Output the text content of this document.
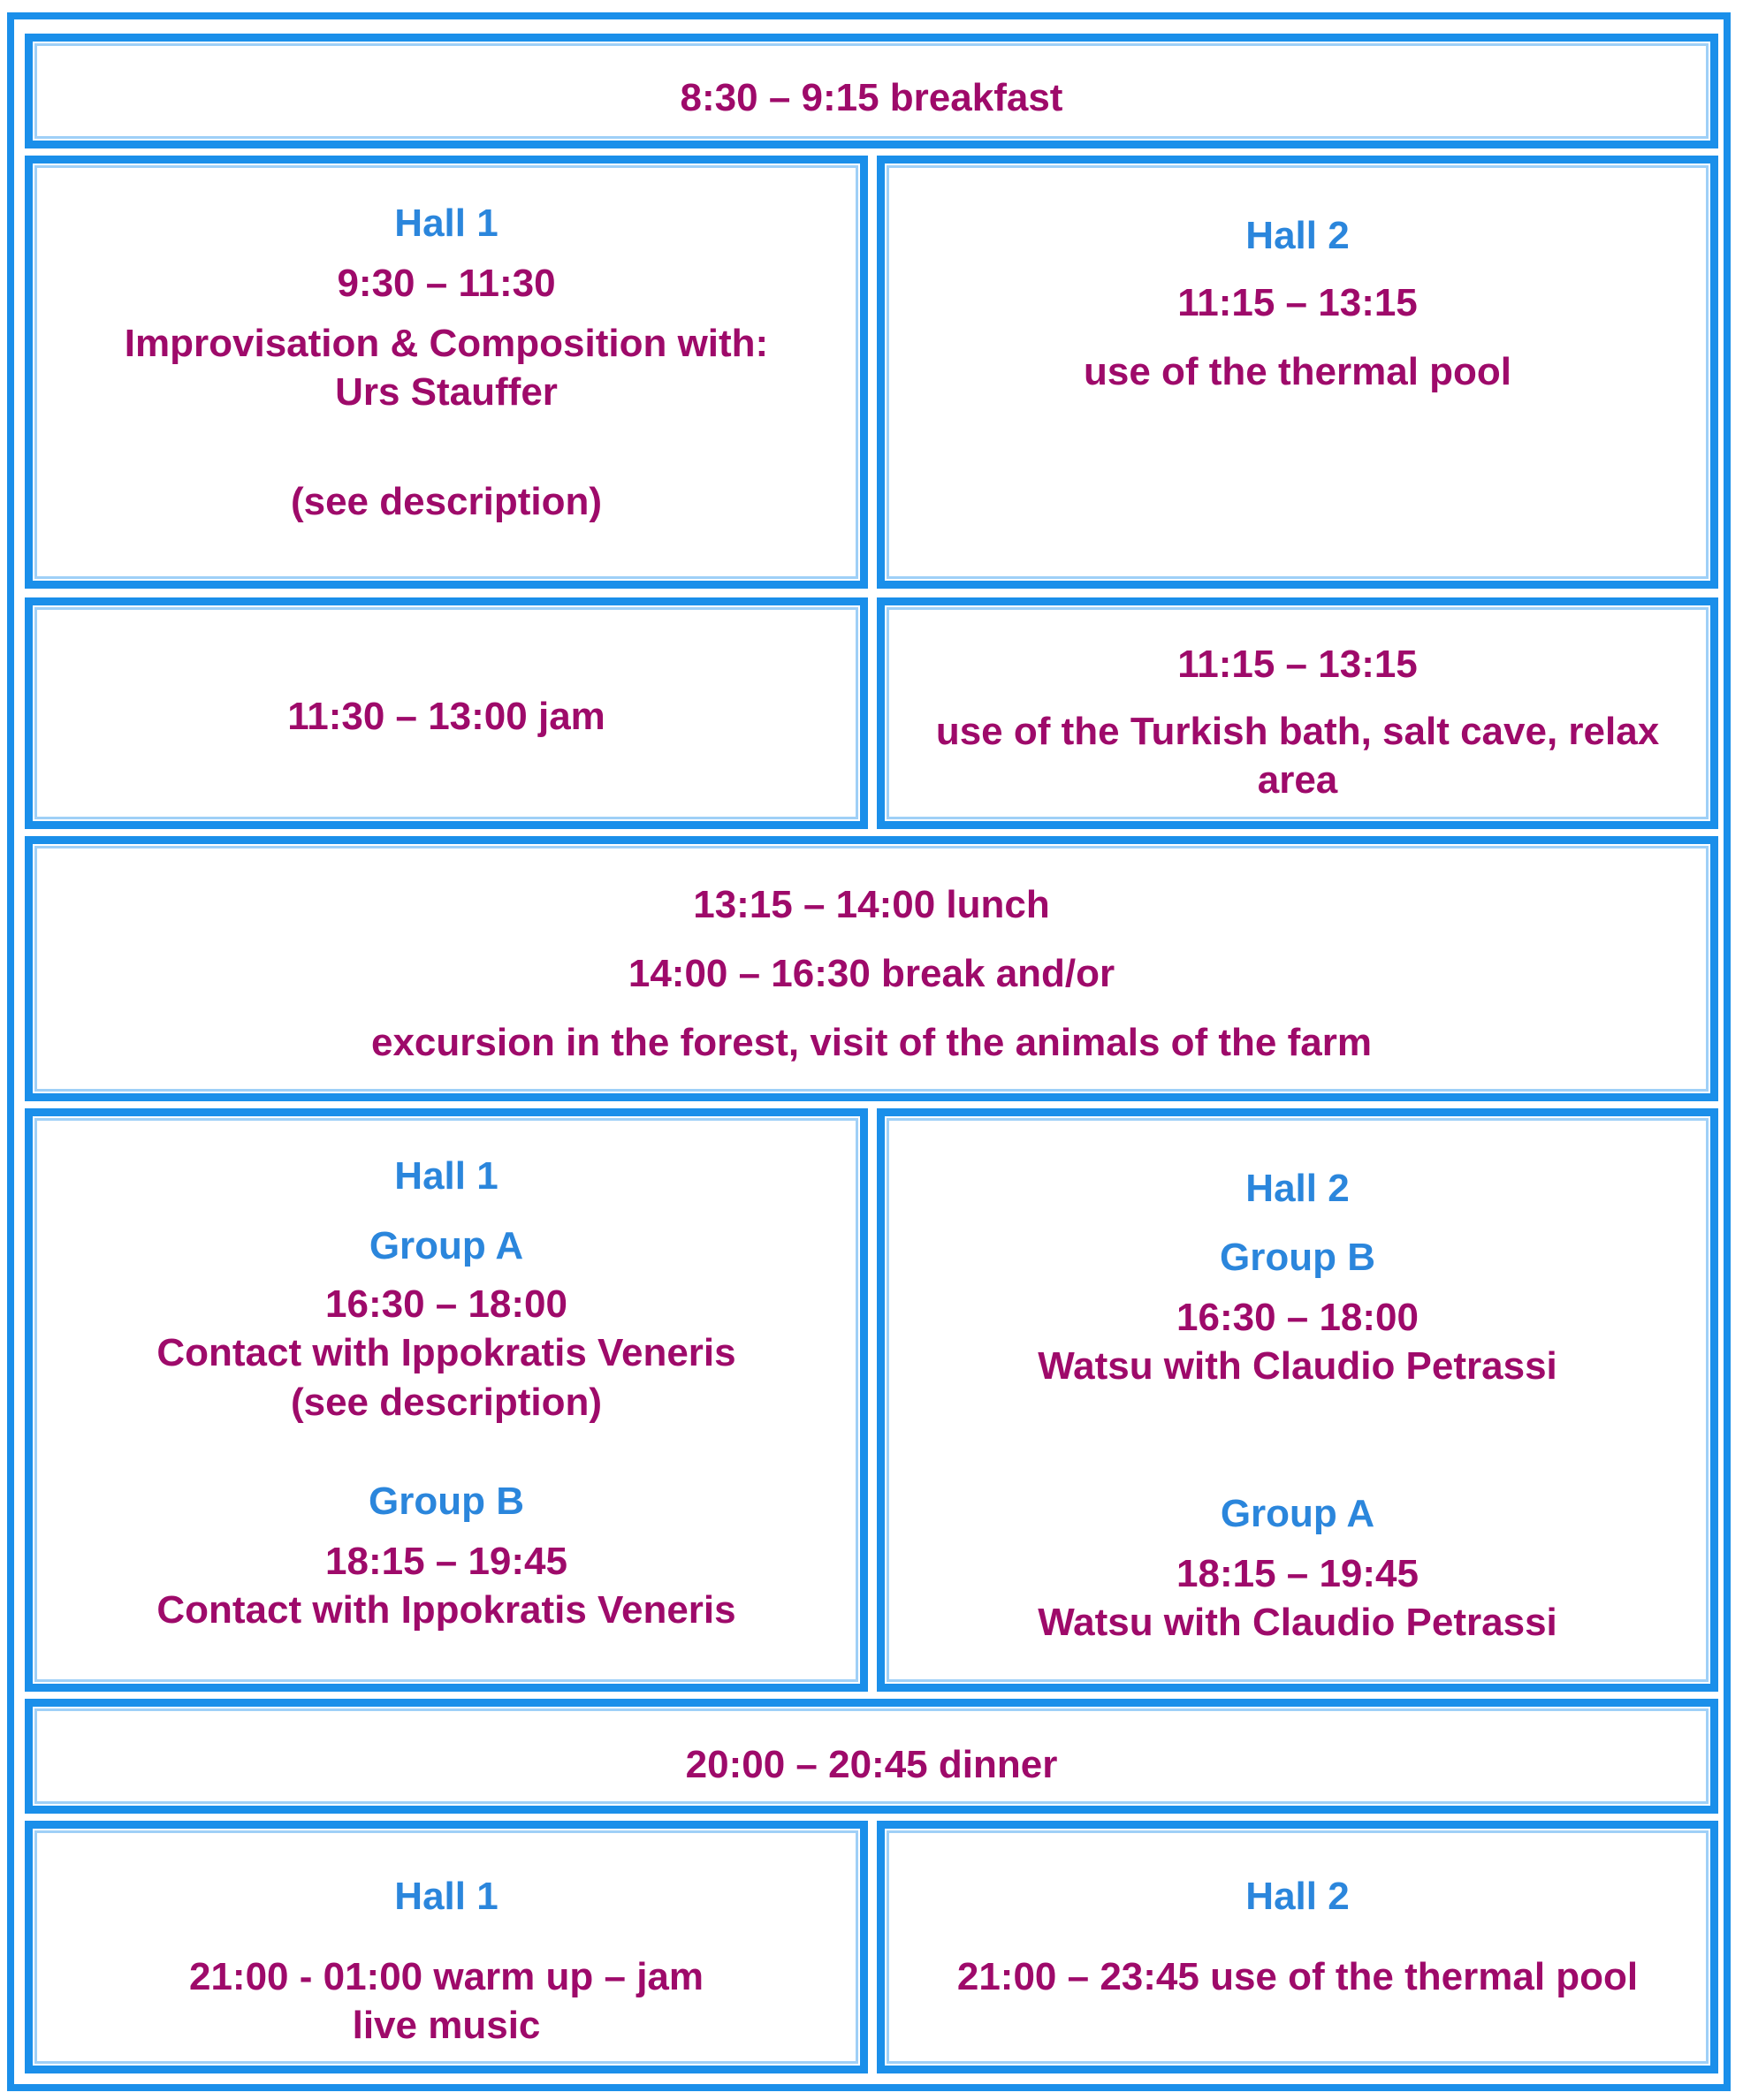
8:30 – 9:15 breakfast

Hall 1

9:30 – 11:30

Improvisation & Composition with:

Urs Stauffer

(see description)

Hall 2

11:15 – 13:15

use of the thermal pool

11:30 – 13:00 jam

11:15 – 13:15

use of the Turkish bath, salt cave, relax

area

13:15 – 14:00 lunch

14:00 – 16:30 break and/or

excursion in the forest, visit of the animals of the farm

Hall 1

Group A

16:30 – 18:00

Contact with Ippokratis Veneris

(see description)

Group B

18:15 – 19:45

Contact with Ippokratis Veneris

Hall 2

Group B

16:30 – 18:00

Watsu with Claudio Petrassi

Group A

18:15 – 19:45

Watsu with Claudio Petrassi

20:00 – 20:45 dinner

Hall 1

21:00 - 01:00 warm up – jam

live music

Hall 2

21:00 – 23:45 use of the thermal pool
